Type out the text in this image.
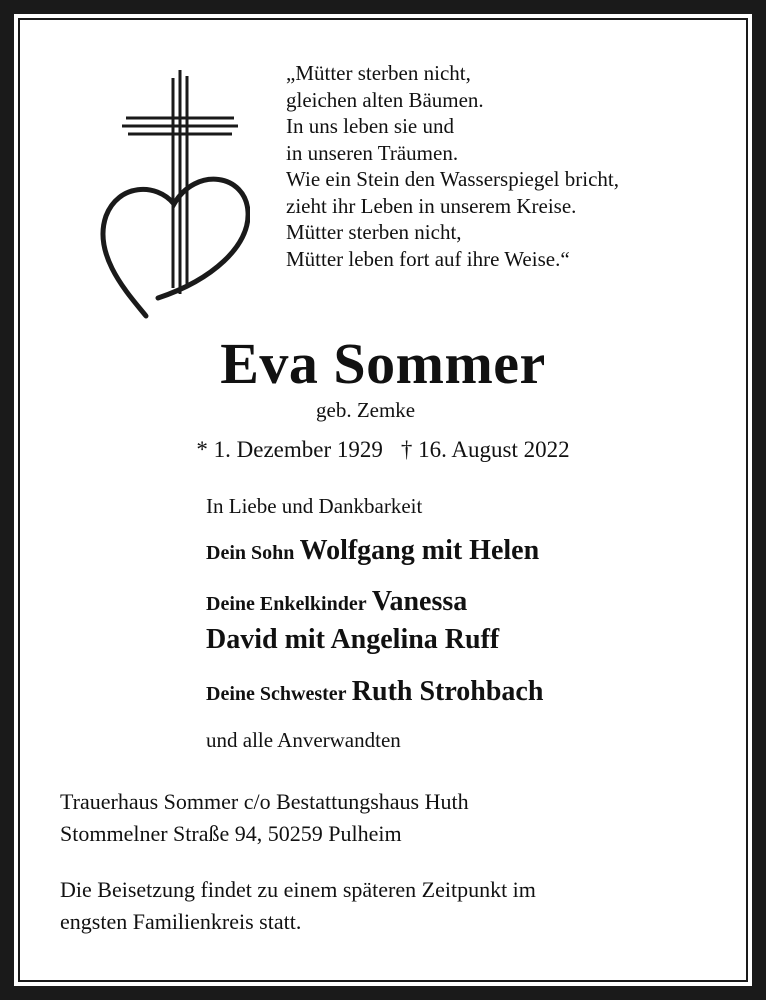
„Mütter sterben nicht,
gleichen alten Bäumen.
In uns leben sie und
in unseren Träumen.
Wie ein Stein den Wasserspiegel bricht,
zieht ihr Leben in unserem Kreise.
Mütter sterben nicht,
Mütter leben fort auf ihre Weise.“
Eva Sommer
geb. Zemke
* 1. Dezember 1929 † 16. August 2022
In Liebe und Dankbarkeit
Dein Sohn Wolfgang mit Helen
Deine Enkelkinder Vanessa
David mit Angelina Ruff
Deine Schwester Ruth Strohbach
und alle Anverwandten
Trauerhaus Sommer c/o Bestattungshaus Huth
Stommelner Straße 94, 50259 Pulheim
Die Beisetzung findet zu einem späteren Zeitpunkt im
engsten Familienkreis statt.
